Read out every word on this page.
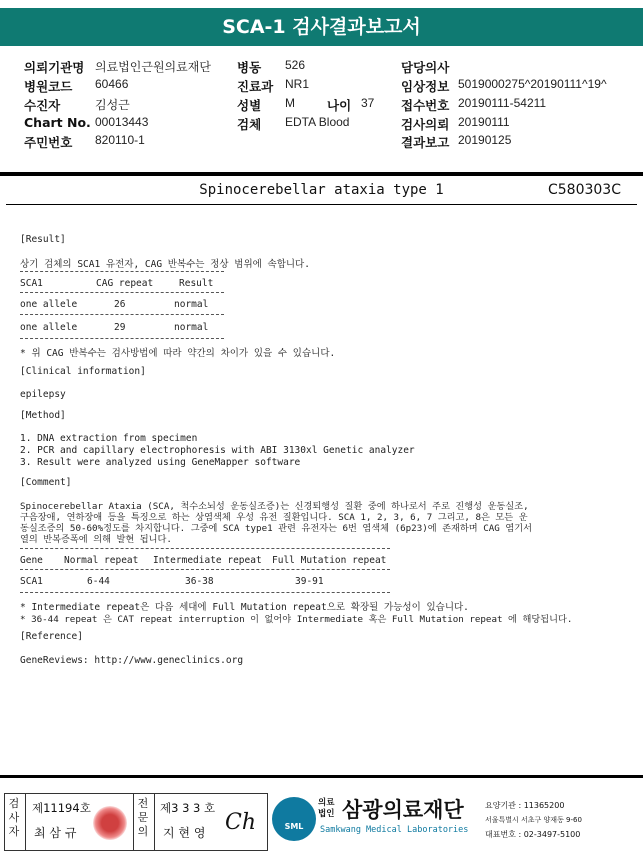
SCA-1 검사결과보고서
의뢰기관명 의료법인근원의료재단
병원코드 60466
수진자	김성근
Chart No. 00013443
주민번호 820110-1
병동 526
진료과 NR1
성별 M	나이 37
검체 EDTA Blood
담당의사
임상정보 5019000275^20190111^19^
접수번호 20190111-54211
검사의뢰 20190111
결과보고 20190125
Spinocerebellar ataxia type 1	C580303C
[Result]
상기 검체의 SCA1 유전자, CAG 반복수는 정상 범위에 속합니다.
SCA1	CAG repeat	Result
one allele	26	normal
one allele	29	normal
* 위 CAG 반복수는 검사방법에 따라 약간의 차이가 있을 수 있습니다.
[Clinical information]
epilepsy
[Method]
1. DNA extraction from specimen
2. PCR and capillary electrophoresis with ABI 3130xl Genetic analyzer
3. Result were analyzed using GeneMapper software
[Comment]
Spinocerebellar Ataxia (SCA, 척수소뇌성 운동실조증)는 신경퇴행성 질환 중에 하나로서 주로 진행성 운동실조,
구음장애, 연하장애 등을 특징으로 하는 상염색체 우성 유전 질환입니다. SCA 1, 2, 3, 6, 7 그리고, 8은 모든 운
동실조증의 50-60%정도를 차지합니다. 그중에 SCA type1 관련 유전자는 6번 염색체 (6p23)에 존재하며 CAG 염기서
열의 반복증폭에 의해 발현 됩니다.
Gene Normal repeat Intermediate repeat Full Mutation repeat
SCA1	6-44	36-38	39-91
* Intermediate repeat은 다음 세대에 Full Mutation repeat으로 확장될 가능성이 있습니다.
* 36-44 repeat 은 CAT repeat interruption 이 없어야 Intermediate 혹은 Full Mutation repeat 에 해당됩니다.
[Reference]
GeneReviews: http://www.geneclinics.org
검사자
제11194호
최 삼 규
전문의
제3 3 3 호
지 현 영 Ch	SML
의료법인 삼광의료재단
Samkwang Medical Laboratories
요양기관 : 11365200
서울특별시 서초구 양재동 9-60
대표번호 : 02-3497-5100
